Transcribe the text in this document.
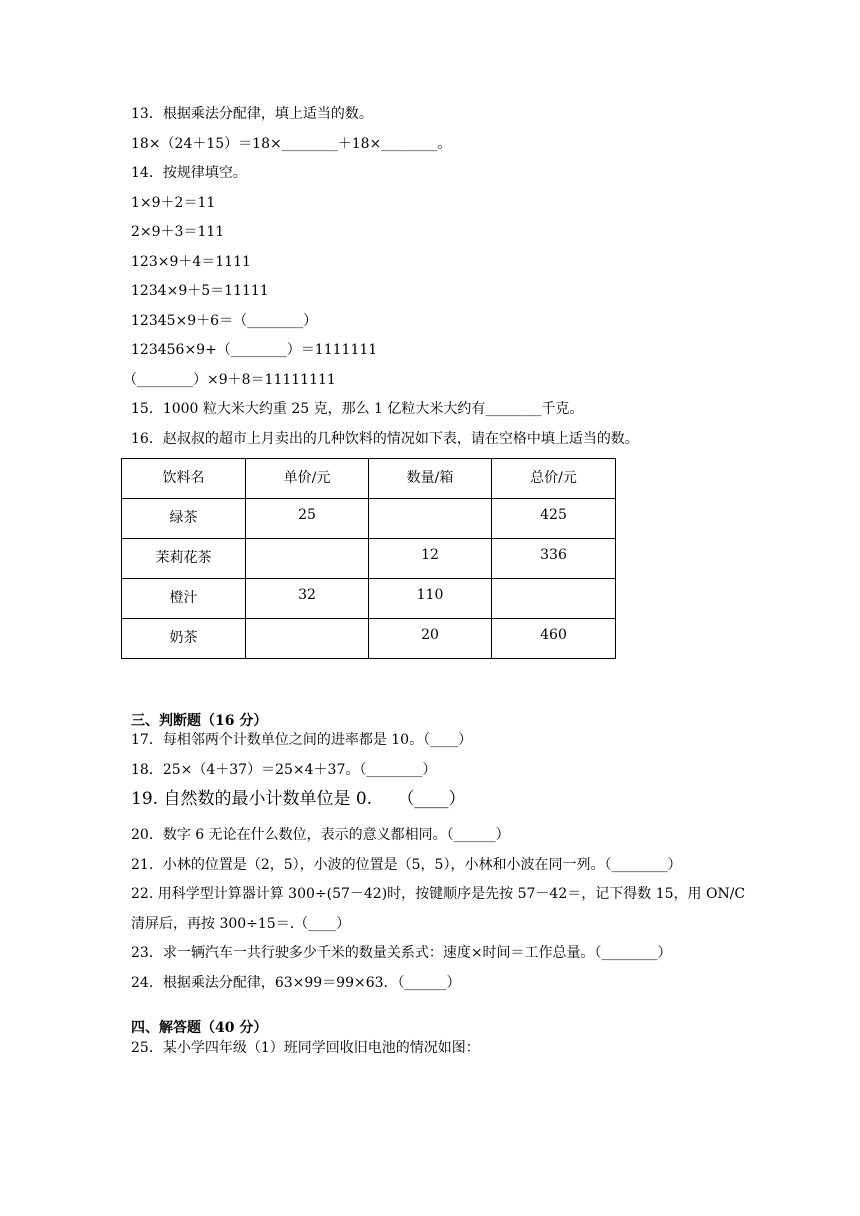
13．根据乘法分配律，填上适当的数。
18×（24＋15）＝18×________＋18×________。
14．按规律填空。
1×9＋2＝11
2×9＋3＝111
123×9＋4＝1111
1234×9＋5＝11111
12345×9＋6＝（________）
123456×9+（________）＝1111111
（________）×9＋8＝11111111
15．1000 粒大米大约重 25 克，那么 1 亿粒大米大约有________千克。
16．赵叔叔的超市上月卖出的几种饮料的情况如下表，请在空格中填上适当的数。
饮料名	单价/元	数量/箱	总价/元
绿茶	25		425
茉莉花茶		12	336
橙汁	32	110	
奶茶		20	460
三、判断题（16 分）
17．每相邻两个计数单位之间的进率都是 10。（____）
18．25×（4＋37）＝25×4＋37。（________）
19. 自然数的最小计数单位是 0.　　（____）
20．数字 6 无论在什么数位，表示的意义都相同。（______）
21．小林的位置是（2，5），小波的位置是（5，5），小林和小波在同一列。（________）
22. 用科学型计算器计算 300÷(57－42)时，按键顺序是先按 57－42＝，记下得数 15，用 ON/C
清屏后，再按 300÷15＝.（____）
23．求一辆汽车一共行驶多少千米的数量关系式：速度×时间＝工作总量。（________）
24．根据乘法分配律，63×99＝99×63．（______）
四、解答题（40 分）
25．某小学四年级（1）班同学回收旧电池的情况如图：
